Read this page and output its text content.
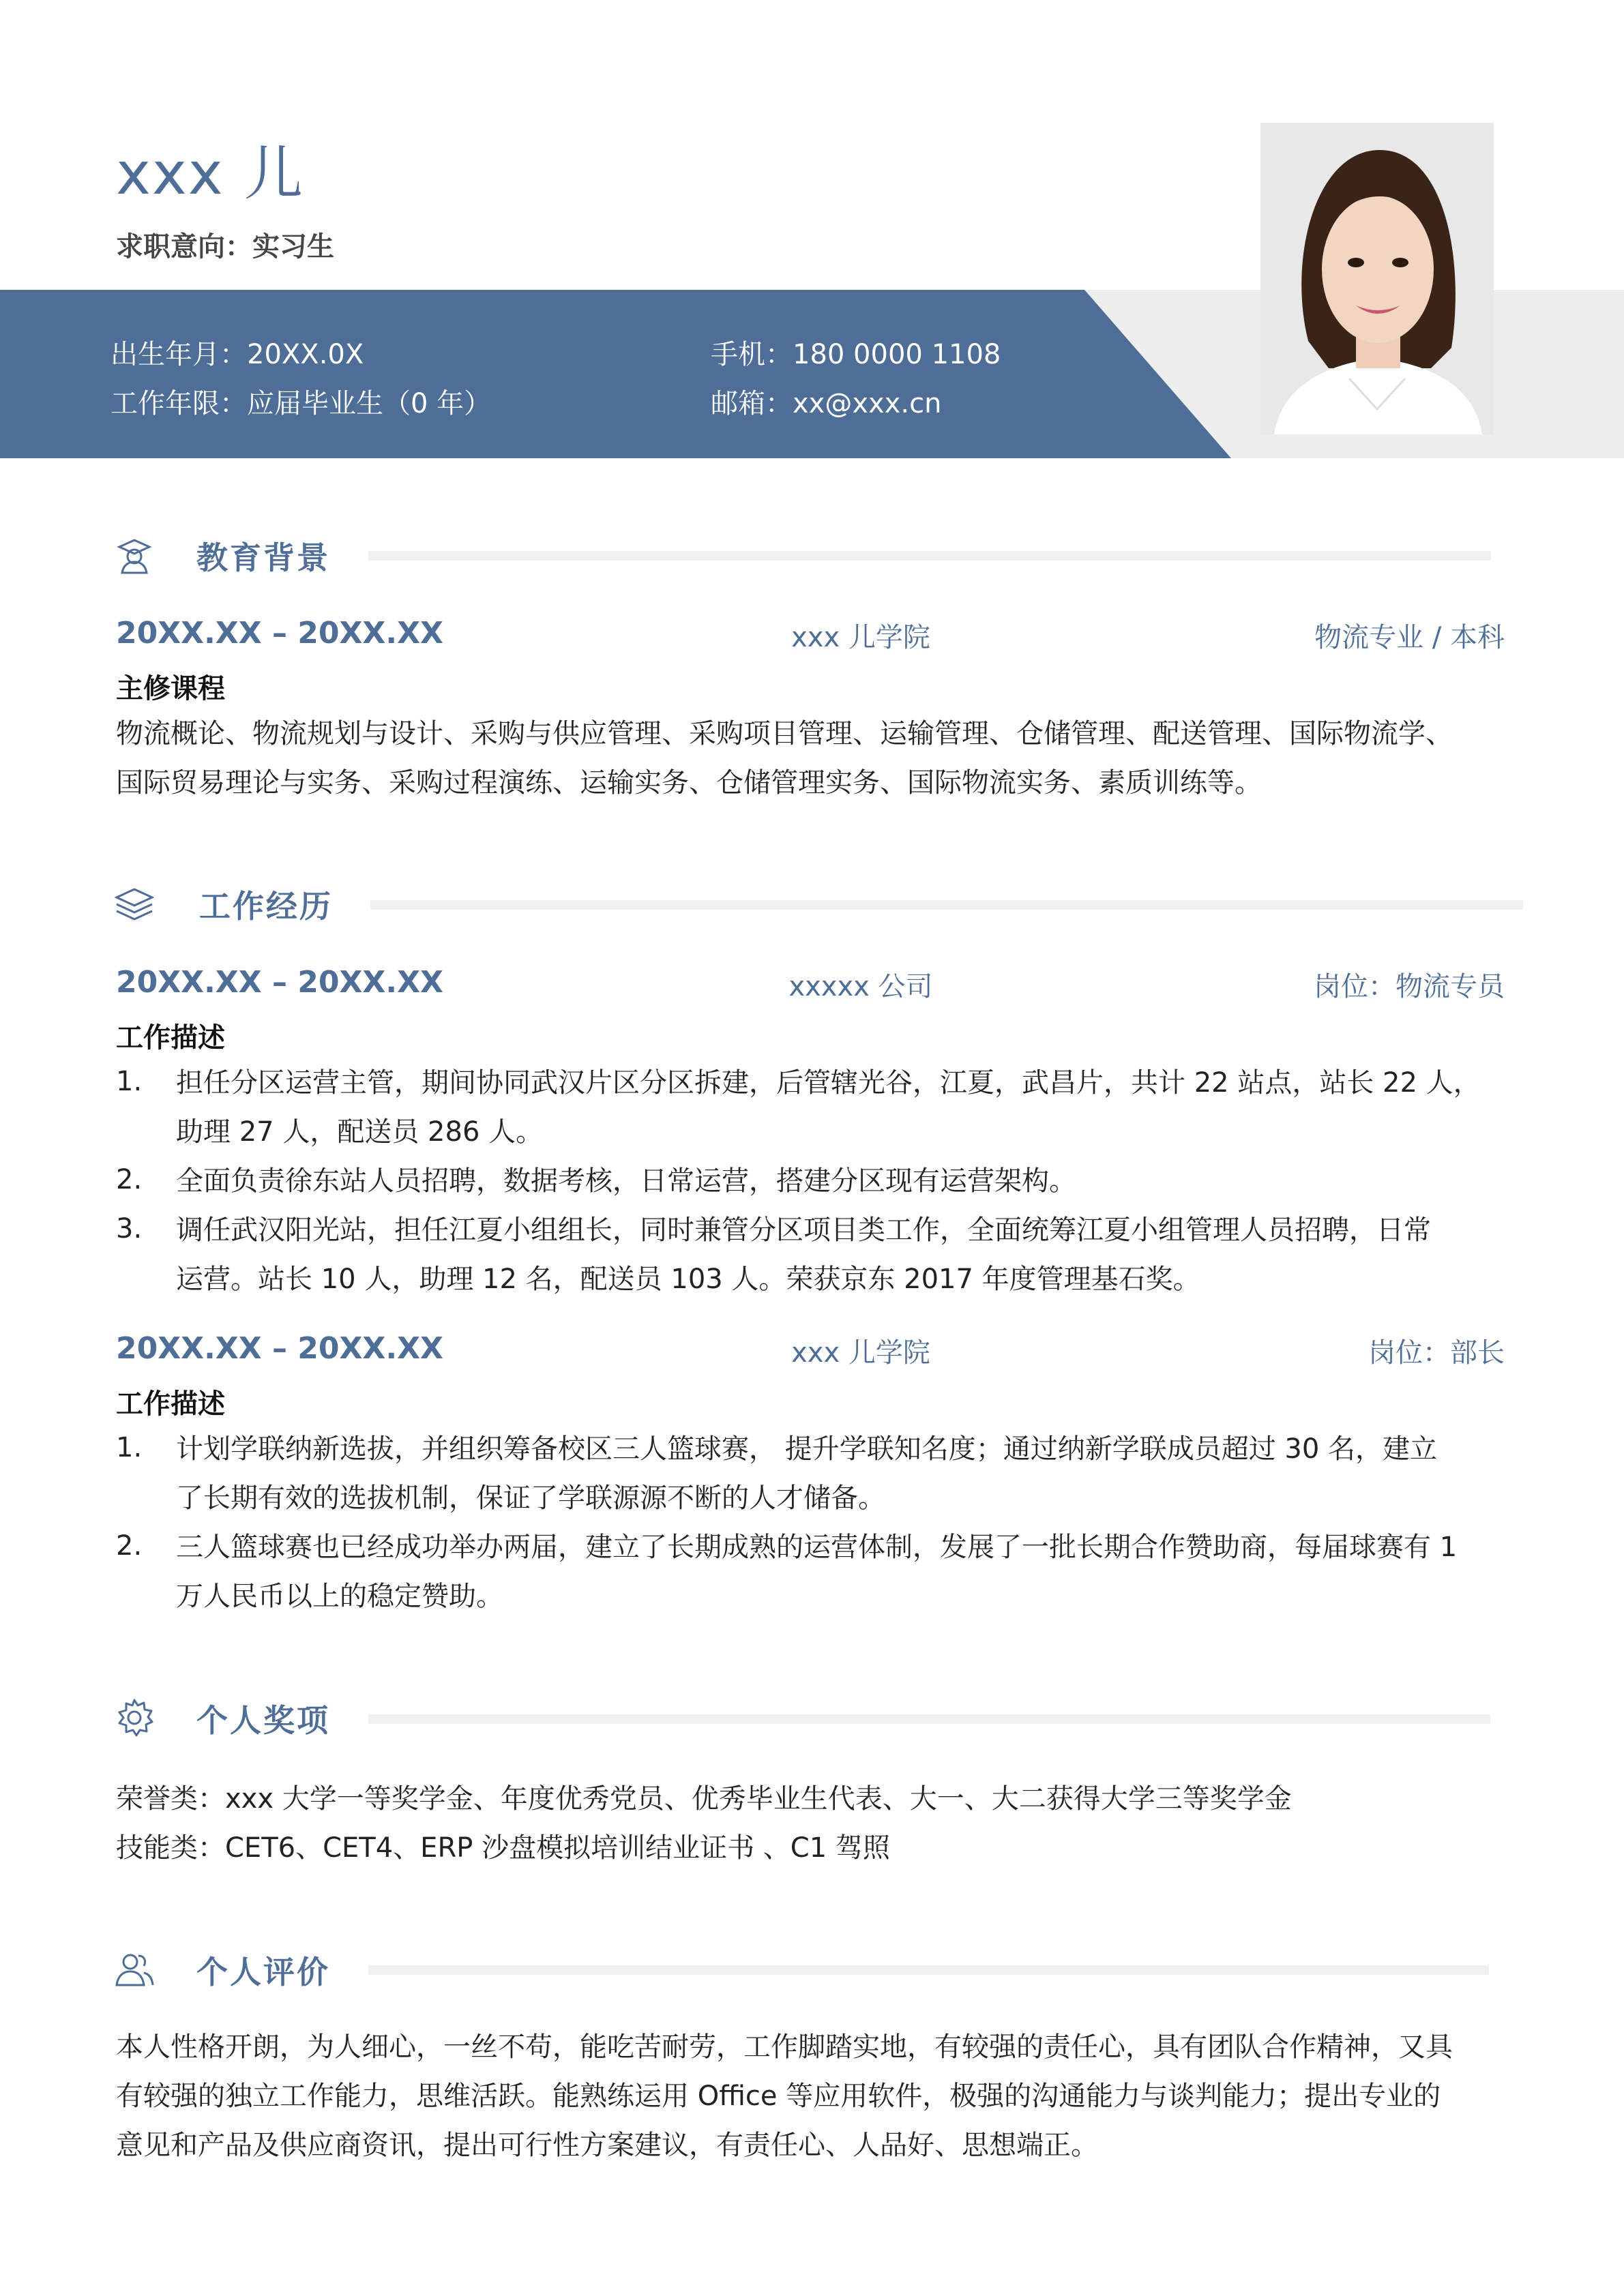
xxx 儿
求职意向：实习生
出生年月：20XX.0X
工作年限：应届毕业生（0 年）
手机：180 0000 1108
邮箱：xx@xxx.cn
教育背景
20XX.XX – 20XX.XX	xxx 儿学院	物流专业 / 本科
主修课程
物流概论、物流规划与设计、采购与供应管理、采购项目管理、运输管理、仓储管理、配送管理、国际物流学、
国际贸易理论与实务、采购过程演练、运输实务、仓储管理实务、国际物流实务、素质训练等。
工作经历
20XX.XX – 20XX.XX	xxxxx 公司	岗位：物流专员
工作描述
1. 担任分区运营主管，期间协同武汉片区分区拆建，后管辖光谷，江夏，武昌片，共计 22 站点，站长 22 人，
助理 27 人，配送员 286 人。
2. 全面负责徐东站人员招聘，数据考核，日常运营，搭建分区现有运营架构。
3. 调任武汉阳光站，担任江夏小组组长，同时兼管分区项目类工作，全面统筹江夏小组管理人员招聘，日常
运营。站长 10 人，助理 12 名，配送员 103 人。荣获京东 2017 年度管理基石奖。
20XX.XX – 20XX.XX	xxx 儿学院	岗位：部长
工作描述
1. 计划学联纳新选拔，并组织筹备校区三人篮球赛， 提升学联知名度；通过纳新学联成员超过 30 名，建立
了长期有效的选拔机制，保证了学联源源不断的人才储备。
2. 三人篮球赛也已经成功举办两届，建立了长期成熟的运营体制，发展了一批长期合作赞助商，每届球赛有 1
万人民币以上的稳定赞助。
个人奖项
荣誉类：xxx 大学一等奖学金、年度优秀党员、优秀毕业生代表、大一、大二获得大学三等奖学金
技能类：CET6、CET4、ERP 沙盘模拟培训结业证书 、C1 驾照
个人评价
本人性格开朗，为人细心，一丝不苟，能吃苦耐劳，工作脚踏实地，有较强的责任心，具有团队合作精神，又具
有较强的独立工作能力，思维活跃。能熟练运用 Office 等应用软件，极强的沟通能力与谈判能力；提出专业的
意见和产品及供应商资讯，提出可行性方案建议，有责任心、人品好、思想端正。
